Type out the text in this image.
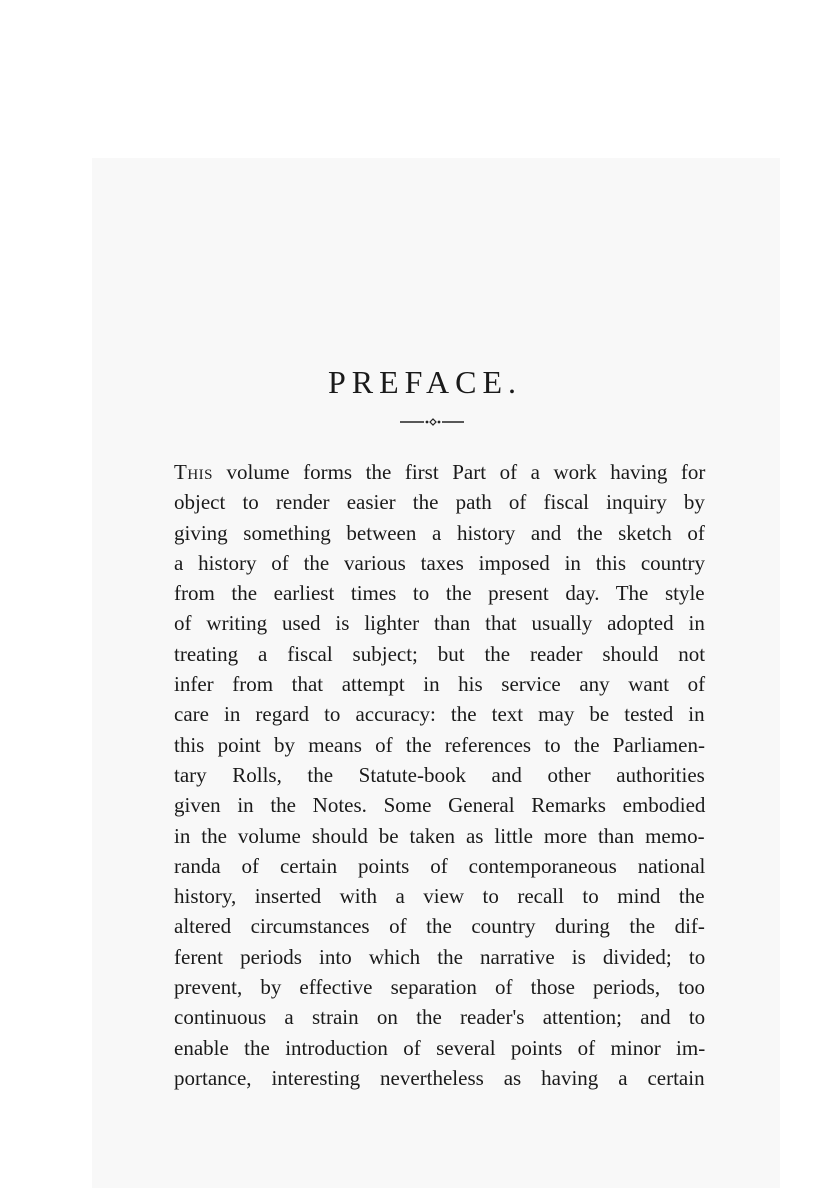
PREFACE.
This volume forms the first Part of a work having for
object to render easier the path of fiscal inquiry by
giving something between a history and the sketch of
a history of the various taxes imposed in this country
from the earliest times to the present day. The style
of writing used is lighter than that usually adopted in
treating a fiscal subject; but the reader should not
infer from that attempt in his service any want of
care in regard to accuracy: the text may be tested in
this point by means of the references to the Parliamen-
tary Rolls, the Statute-book and other authorities
given in the Notes. Some General Remarks embodied
in the volume should be taken as little more than memo-
randa of certain points of contemporaneous national
history, inserted with a view to recall to mind the
altered circumstances of the country during the dif-
ferent periods into which the narrative is divided; to
prevent, by effective separation of those periods, too
continuous a strain on the reader's attention; and to
enable the introduction of several points of minor im-
portance, interesting nevertheless as having a certain
